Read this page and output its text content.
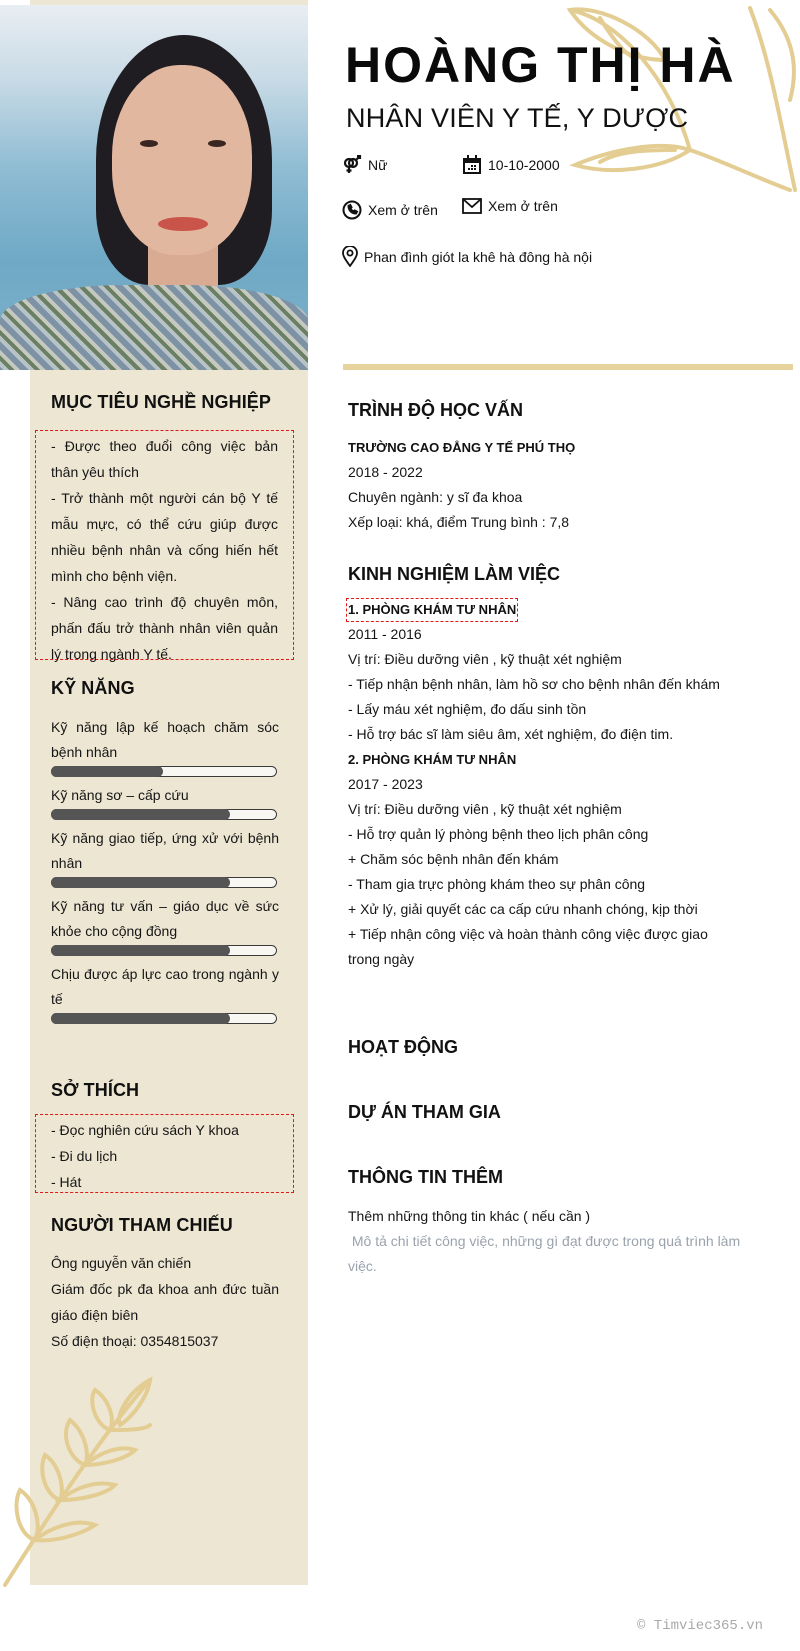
MỤC TIÊU NGHỀ NGHIỆP
- Được theo đuổi công việc bản thân yêu thích
- Trở thành một người cán bộ Y tế mẫu mực, có thể cứu giúp được nhiều bệnh nhân và cống hiến hết mình cho bệnh viện.
- Nâng cao trình độ chuyên môn, phấn đấu trở thành nhân viên quản lý trong ngành Y tế.
KỸ NĂNG
Kỹ năng lập kế hoạch chăm sóc bệnh nhân
Kỹ năng sơ – cấp cứu
Kỹ năng giao tiếp, ứng xử với bệnh nhân
Kỹ năng tư vấn – giáo dục về sức khỏe cho cộng đồng
Chịu được áp lực cao trong ngành y tế
SỞ THÍCH
- Đọc nghiên cứu sách Y khoa
- Đi du lịch
- Hát
NGƯỜI THAM CHIẾU
Ông nguyễn văn chiến
Giám đốc pk đa khoa anh đức tuần giáo điện biên
Số điện thoại: 0354815037
HOÀNG THỊ HÀ
NHÂN VIÊN Y TẾ, Y DƯỢC
Nữ	10-10-2000
Xem ở trên	Xem ở trên
Phan đình giót la khê hà đông hà nội
TRÌNH ĐỘ HỌC VẤN
TRƯỜNG CAO ĐẲNG Y TẾ PHÚ THỌ
2018 - 2022
Chuyên ngành: y sĩ đa khoa
Xếp loại: khá, điểm Trung bình : 7,8
KINH NGHIỆM LÀM VIỆC
1. PHÒNG KHÁM TƯ NHÂN
2011 - 2016
Vị trí: Điều dưỡng viên , kỹ thuật xét nghiệm
- Tiếp nhận bệnh nhân, làm hồ sơ cho bệnh nhân đến khám
- Lấy máu xét nghiệm, đo dấu sinh tồn
- Hỗ trợ bác sĩ làm siêu âm, xét nghiệm, đo điện tim.
2. PHÒNG KHÁM TƯ NHÂN
2017 - 2023
Vị trí: Điều dưỡng viên , kỹ thuật xét nghiệm
- Hỗ trợ quản lý phòng bệnh theo lịch phân công
+ Chăm sóc bệnh nhân đến khám
- Tham gia trực phòng khám theo sự phân công
+ Xử lý, giải quyết các ca cấp cứu nhanh chóng, kịp thời
+ Tiếp nhận công việc và hoàn thành công việc được giao trong ngày
HOẠT ĐỘNG
DỰ ÁN THAM GIA
THÔNG TIN THÊM
Thêm những thông tin khác ( nếu cần )
Mô tả chi tiết công việc, những gì đạt được trong quá trình làm việc.
© Timviec365.vn
